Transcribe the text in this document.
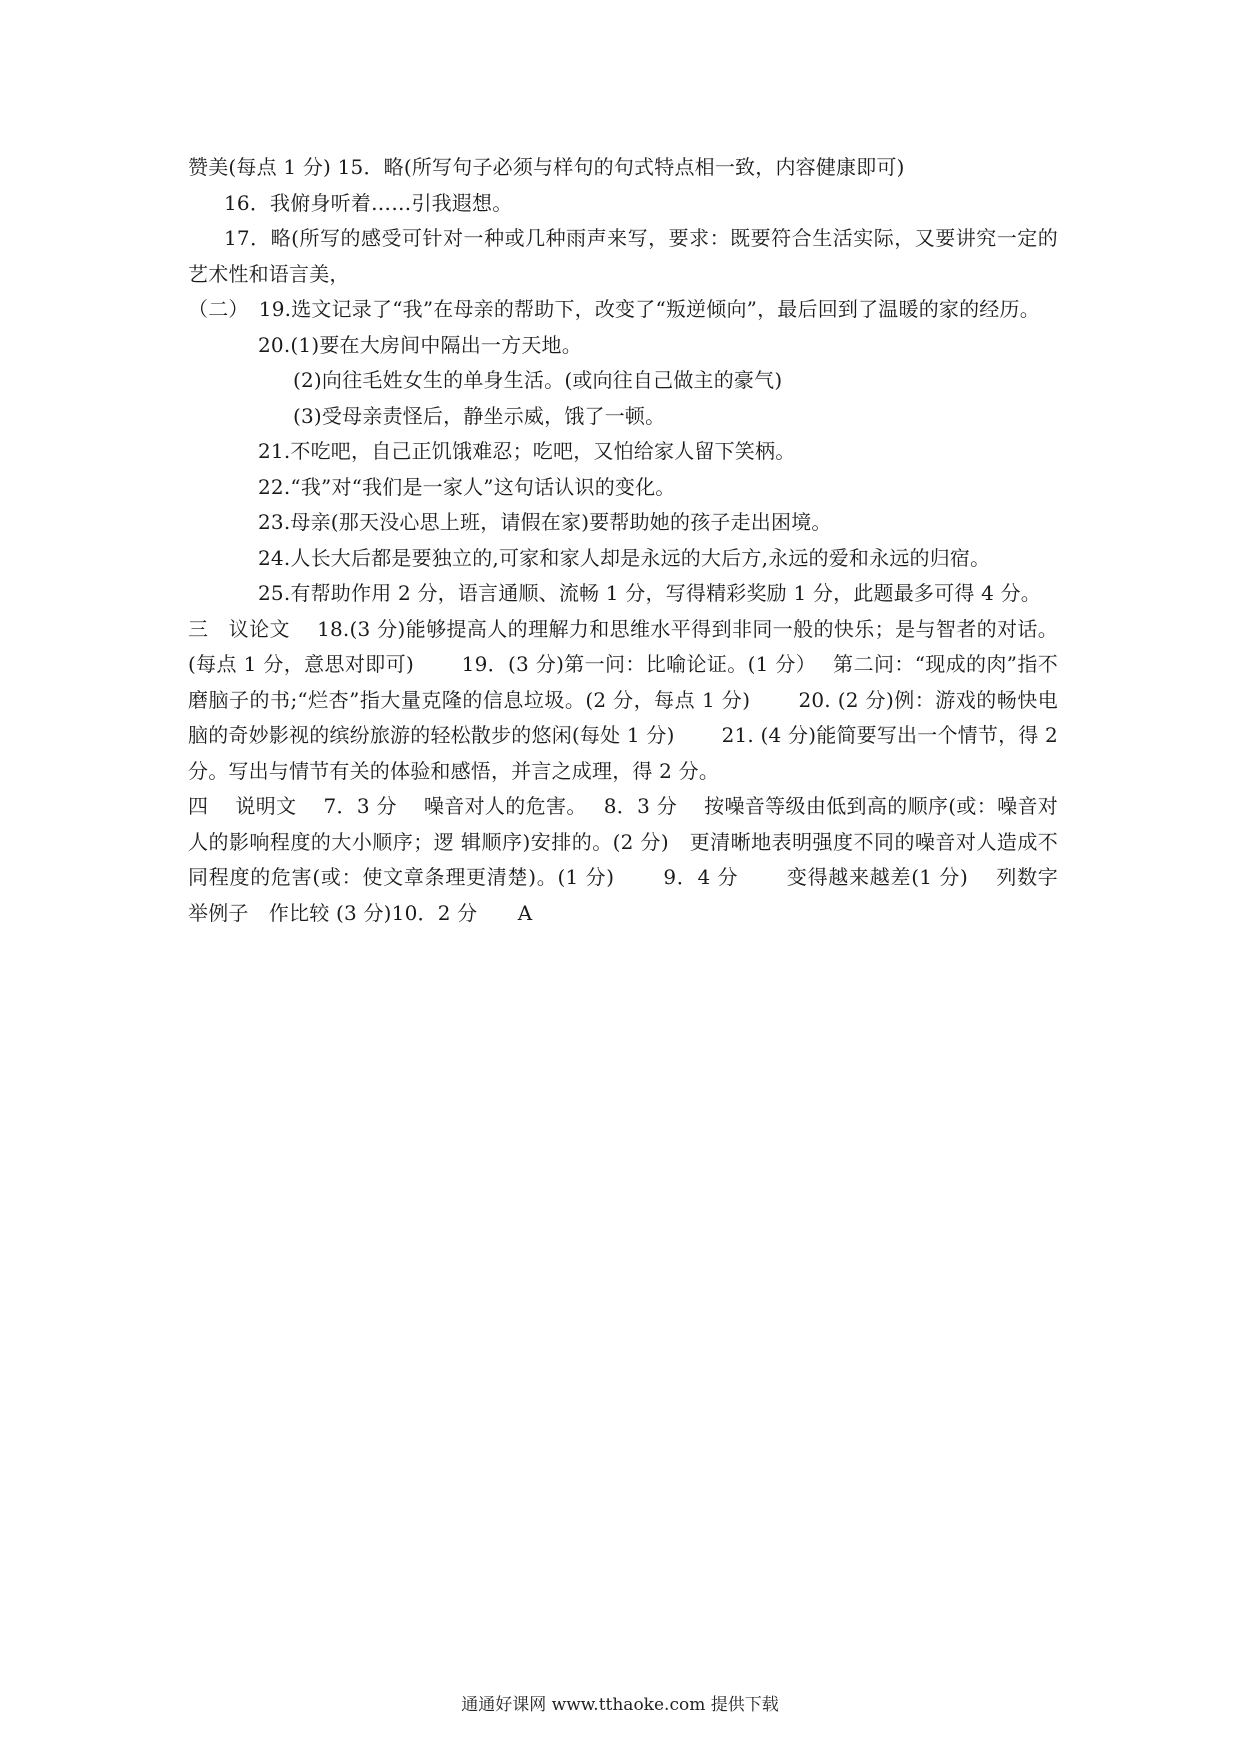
赞美(每点 1 分) 15．略(所写句子必须与样句的句式特点相一致，内容健康即可)

16．我俯身听着……引我遐想。

17．略(所写的感受可针对一种或几种雨声来写，要求：既要符合生活实际，又要讲究一定的艺术性和语言美，

（二）　19.选文记录了“我”在母亲的帮助下，改变了“叛逆倾向”，最后回到了温暖的家的经历。

20.(1)要在大房间中隔出一方天地。

(2)向往毛姓女生的单身生活。(或向往自己做主的豪气)

(3)受母亲责怪后，静坐示威，饿了一顿。

21.不吃吧，自己正饥饿难忍；吃吧，又怕给家人留下笑柄。

22.“我”对“我们是一家人”这句话认识的变化。

23.母亲(那天没心思上班，请假在家)要帮助她的孩子走出困境。

24.人长大后都是要独立的,可家和家人却是永远的大后方,永远的爱和永远的归宿。

25.有帮助作用 2 分，语言通顺、流畅 1 分，写得精彩奖励 1 分，此题最多可得 4 分。

三　议论文　 18.(3 分)能够提高人的理解力和思维水平得到非同一般的快乐；是与智者的对话。(每点 1 分，意思对即可)　　 19．(3 分)第一问：比喻论证。(1 分）　 第二问：“现成的肉”指不磨脑子的书;“烂杏”指大量克隆的信息垃圾。(2 分，每点 1 分)　　 20. (2 分)例：游戏的畅快电脑的奇妙影视的缤纷旅游的轻松散步的悠闲(每处 1 分)　　 21. (4 分)能简要写出一个情节，得 2 分。写出与情节有关的体验和感悟，并言之成理，得 2 分。

四　 说明文　 7．3 分　 噪音对人的危害。　 8．3 分　 按噪音等级由低到高的顺序(或：噪音对人的影响程度的大小顺序；逻 辑顺序)安排的。(2 分)　更清晰地表明强度不同的噪音对人造成不同程度的危害(或：使文章条理更清楚)。(1 分)　　 9．4 分　　 变得越来越差(1 分)　 列数字　举例子　作比较 (3 分)10．2 分　　A

通通好课网 www.tthaoke.com 提供下载
